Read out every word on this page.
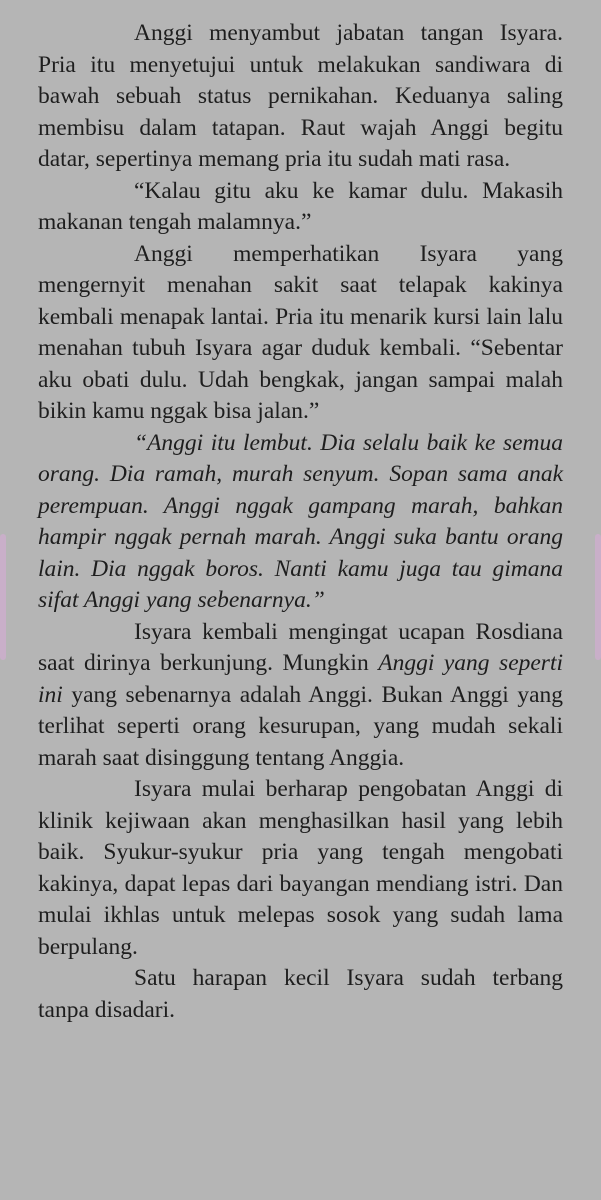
Anggi menyambut jabatan tangan Isyara. Pria itu menyetujui untuk melakukan sandiwara di bawah sebuah status pernikahan. Keduanya saling membisu dalam tatapan. Raut wajah Anggi begitu datar, sepertinya memang pria itu sudah mati rasa.

“Kalau gitu aku ke kamar dulu. Makasih makanan tengah malamnya.”

Anggi memperhatikan Isyara yang mengernyit menahan sakit saat telapak kakinya kembali menapak lantai. Pria itu menarik kursi lain lalu menahan tubuh Isyara agar duduk kembali. “Sebentar aku obati dulu. Udah bengkak, jangan sampai malah bikin kamu nggak bisa jalan.”

“Anggi itu lembut. Dia selalu baik ke semua orang. Dia ramah, murah senyum. Sopan sama anak perempuan. Anggi nggak gampang marah, bahkan hampir nggak pernah marah. Anggi suka bantu orang lain. Dia nggak boros. Nanti kamu juga tau gimana sifat Anggi yang sebenarnya.”

Isyara kembali mengingat ucapan Rosdiana saat dirinya berkunjung. Mungkin Anggi yang seperti ini yang sebenarnya adalah Anggi. Bukan Anggi yang terlihat seperti orang kesurupan, yang mudah sekali marah saat disinggung tentang Anggia.

Isyara mulai berharap pengobatan Anggi di klinik kejiwaan akan menghasilkan hasil yang lebih baik. Syukur-syukur pria yang tengah mengobati kakinya, dapat lepas dari bayangan mendiang istri. Dan mulai ikhlas untuk melepas sosok yang sudah lama berpulang.

Satu harapan kecil Isyara sudah terbang tanpa disadari.
